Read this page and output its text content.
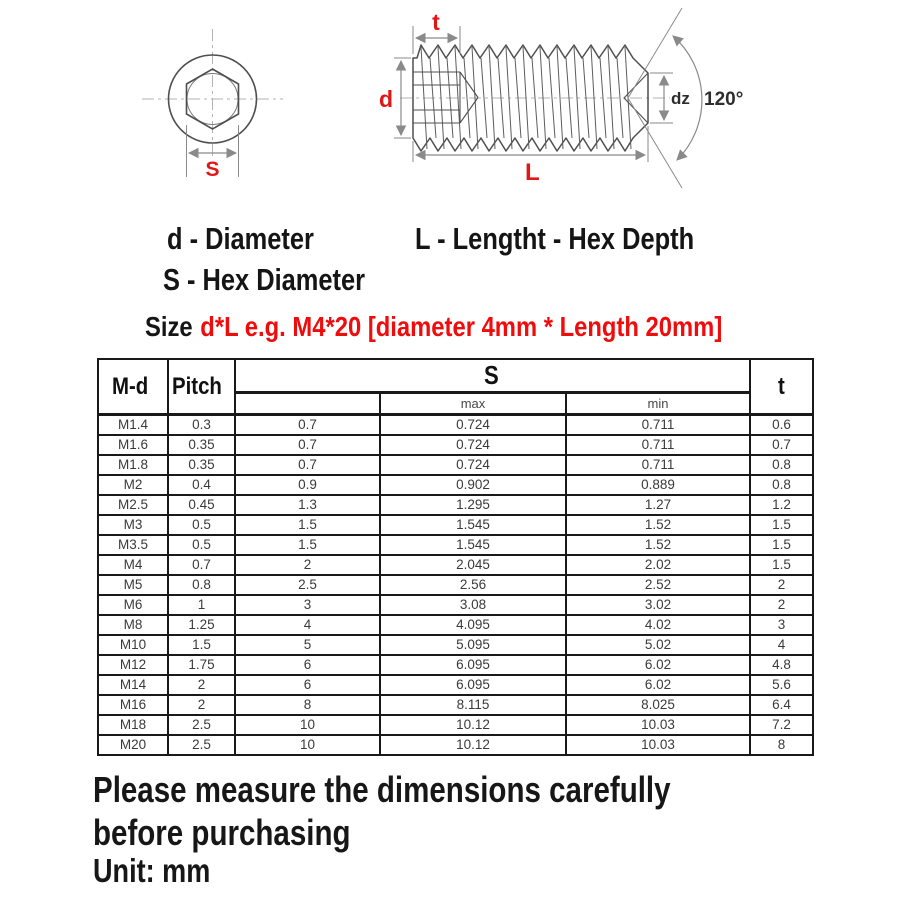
S
t
d
L
dz 120°
d - Diameter	L - Lengtht - Hex Depth
S - Hex Diameter
Size d*L e.g. M4*20 [diameter 4mm * Length 20mm]
M-d	Pitch	S			t
			max	min	
M1.4	0.3	0.7	0.724	0.711	0.6
M1.6	0.35	0.7	0.724	0.711	0.7
M1.8	0.35	0.7	0.724	0.711	0.8
M2	0.4	0.9	0.902	0.889	0.8
M2.5	0.45	1.3	1.295	1.27	1.2
M3	0.5	1.5	1.545	1.52	1.5
M3.5	0.5	1.5	1.545	1.52	1.5
M4	0.7	2	2.045	2.02	1.5
M5	0.8	2.5	2.56	2.52	2
M6	1	3	3.08	3.02	2
M8	1.25	4	4.095	4.02	3
M10	1.5	5	5.095	5.02	4
M12	1.75	6	6.095	6.02	4.8
M14	2	6	6.095	6.02	5.6
M16	2	8	8.115	8.025	6.4
M18	2.5	10	10.12	10.03	7.2
M20	2.5	10	10.12	10.03	8
Please measure the dimensions carefully
before purchasing
Unit: mm
